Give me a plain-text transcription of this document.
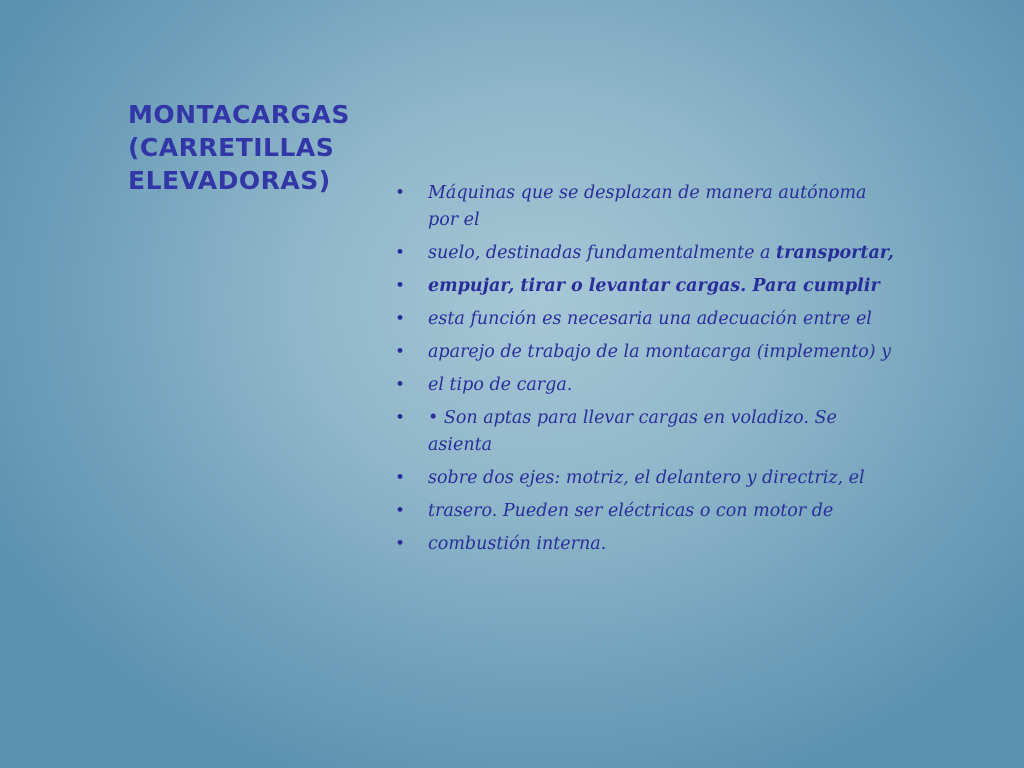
MONTACARGAS
(CARRETILLAS
ELEVADORAS)	• Máquinas que se desplazan de manera autónoma por el
• suelo, destinadas fundamentalmente a transportar,
• empujar, tirar o levantar cargas. Para cumplir
• esta función es necesaria una adecuación entre el
• aparejo de trabajo de la montacarga (implemento) y
• el tipo de carga.
• • Son aptas para llevar cargas en voladizo. Se asienta
• sobre dos ejes: motriz, el delantero y directriz, el
• trasero. Pueden ser eléctricas o con motor de
• combustión interna.
